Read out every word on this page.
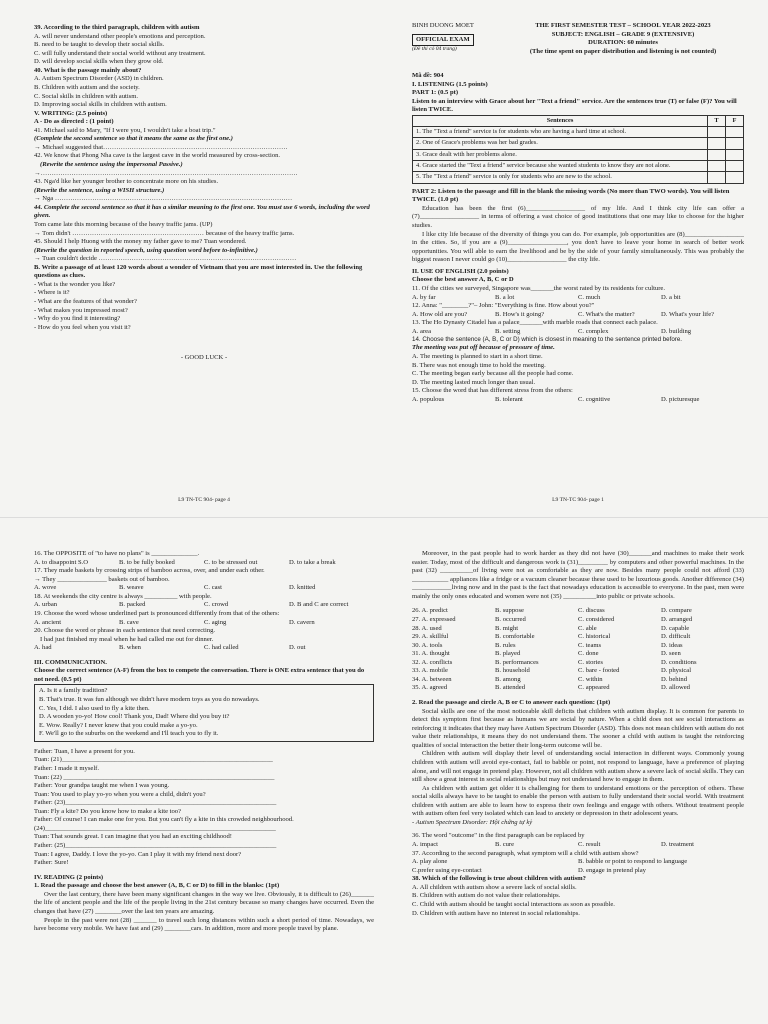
39. According to the third paragraph, children with autism
A. will never understand other people's emotions and perception.
B. need to be taught to develop their social skills.
C. will fully understand their social world without any treatment.
D. will develop social skills when they grow old.
40. What is the passage mainly about?
A. Autism Spectrum Disorder (ASD) in children.
B. Children with autism and the society.
C. Social skills in children with autism.
D. Improving social skills in children with autism.
V. WRITING: (2.5 points)
A - Do as directed : (1 point)
41. Michael said to Mary, "If I were you, I wouldn't take a boat trip."
(Complete the second sentence so that it means the same as the first one.)
→ Michael suggested that…………………………………………………………………………
42. We know that Phong Nha cave is the largest cave in the world measured by cross-section.
(Rewrite the sentence using the impersonal Passive.)
→………………………………………………………………………………………………………
43. Nga'd like her younger brother to concentrate more on his studies.
(Rewrite the sentence, using a WISH structure.)
→ Nga ………………………………………………………………………………………………
44. Complete the second sentence so that it has a similar meaning to the first one. You must use 6 words, including the word given.
Tom came late this morning because of the heavy traffic jams. (UP)
→ Tom didn't …………………………………………………… because of the heavy traffic jams.
45. Should I help Huong with the money my father gave to me? Tuan wondered.
(Rewrite the question in reported speech, using question word before to-infinitive.)
→ Tuan couldn't decide ………………………………………………………………………………
B. Write a passage of at least 120 words about a wonder of Vietnam that you are most interested in. Use the following questions as clues.
- What is the wonder you like?
- Where is it?
- What are the features of that wonder?
- What makes you impressed most?
- Why do you find it interesting?
- How do you feel when you visit it?
- GOOD LUCK -
L9 TN-TC 904- page 4
BINH DUONG MOET
OFFICIAL EXAM
(Đề thi có 04 trang)
THE FIRST SEMESTER TEST – SCHOOL YEAR 2022-2023
SUBJECT: ENGLISH – GRADE 9 (EXTENSIVE)
DURATION: 60 minutes
(The time spent on paper distribution and listening is not counted)
Mã đề: 904
I. LISTENING (1.5 points)
PART 1: (0.5 pt)
Listen to an interview with Grace about her "Text a friend" service. Are the sentences true (T) or false (F)? You will listen TWICE.
Sentences	T	F
1. The "Text a friend" service is for students who are having a hard time at school.		
2. One of Grace's problems was her bad grades.		
3. Grace dealt with her problems alone.		
4. Grace started the "Text a friend" service because she wanted students to know they are not alone.		
5. The "Text a friend" service is only for students who are new to the school.		
PART 2: Listen to the passage and fill in the blank the missing words (No more than TWO words). You will listen TWICE. (1.0 pt)
Education has been the first (6)__________________ of my life. And I think city life can offer a (7)__________________ in terms of offering a vast choice of good institutions that one may like to choose for the higher studies.
I like city life because of the diversity of things you can do. For example, job opportunities are (8)__________________ in the cities. So, if you are a (9)__________________, you don't have to leave your home in search of better work opportunities. You will able to earn the livelihood and be by the side of your family simultaneously. This was probably the biggest reason I never could go (10)__________________ the city life.
II. USE OF ENGLISH (2.0 points)
Choose the best answer A, B, C or D
11. Of the cities we surveyed, Singapore was_______the worst rated by its residents for culture.
A. by far	B. a lot	C. much	D. a bit
12. Anna: "________?"– John: "Everything is fine. How about you?"
A. How old are you?	B. How's it going?	C. What's the matter?	D. What's your life?
13. The Ho Dynasty Citadel has a palace_______with marble roads that connect each palace.
A. area	B. setting	C. complex	D. building
14. Choose the sentence (A, B, C or D) which is closest in meaning to the sentence printed before.
The meeting was put off because of pressure of time.
A. The meeting is planned to start in a short time.
B. There was not enough time to hold the meeting.
C. The meeting began early because all the people had come.
D. The meeting lasted much longer than usual.
15. Choose the word that has different stress from the others:
A. populous	B. tolerant	C. cognitive	D. picturesque
L9 TN-TC 904- page 1
16. The OPPOSITE of "to have no plans" is ______________.
A. to disappoint S.O	B. to be fully booked	C. to be stressed out	D. to take a break
17. They made baskets by crossing strips of bamboo across, over, and under each other.
→ They _______________ baskets out of bamboo.
A. wove	B. weave	C. cast	D. knitted
18. At weekends the city centre is always __________ with people.
A. urban	B. packed	C. crowd	D. B and C are correct
19. Choose the word whose underlined part is pronounced differently from that of the others:
A. ancient	B. cave	C. aging	D. cavern
20. Choose the word or phrase in each sentence that need correcting.
I had just finished my meal when he had called me out for dinner.
A. had	B. when	C. had called	D. out
III. COMMUNICATION.
Choose the correct sentence (A-F) from the box to compete the conversation. There is ONE extra sentence that you do not need. (0.5 pt)
A. Is it a family tradition?
B. That's true. It was fun although we didn't have modern toys as you do nowadays.
C. Yes, I did. I also used to fly a kite then.
D. A wooden yo-yo! How cool! Thank you, Dad! Where did you buy it?
E. Wow. Really? I never knew that you could make a yo-yo.
F. We'll go to the suburbs on the weekend and I'll teach you to fly it.
Father: Tuan, I have a present for you.
Tuan: (21)________________________________________________________________
Father: I made it myself.
Tuan: (22) ________________________________________________________________
Father: Your grandpa taught me when I was young.
Tuan: You used to play yo-yo when you were a child, didn't you?
Father: (23)________________________________________________________________
Tuan: Fly a kite? Do you know how to make a kite too?
Father: Of course! I can make one for you. But you can't fly a kite in this crowded neighbourhood.
(24)______________________________________________________________________
Tuan: That sounds great. I can imagine that you had an exciting childhood!
Father: (25)________________________________________________________________
Tuan: I agree, Daddy. I love the yo-yo. Can I play it with my friend next door?
Father: Sure!
IV. READING (2 points)
1. Read the passage and choose the best answer (A, B, C or D) to fill in the blanks: (1pt)
Over the last century, there have been many significant changes in the way we live. Obviously, it is difficult to (26)_______ the life of ancient people and the life of the people living in the 21st century because so many changes have occurred. Even the changes that have (27) ________over the last ten years are amazing.
People in the past were not (28) _______ to travel such long distances within such a short period of time. Nowadays, we have become very mobile. We have fast and (29) ________cars. In addition, more and more people travel by plane.
Moreover, in the past people had to work harder as they did not have (30)_______and machines to make their work easier. Today, most of the difficult and dangerous work is (31)_________ by computers and other powerful machines. In the past (32) __________of living were not as comfortable as they are now. Besides many people could not afford (33) ___________ appliances like a fridge or a vacuum cleaner because these used to be luxurious goods. Another difference (34) ____________living now and in the past is the fact that nowadays education is accessible to everyone. In the past, men were mainly the only ones educated and women were not (35) __________into public or private schools.
26. A. predict	B. suppose	C. discuss	D. compare
27. A. expressed	B. occurred	C. considered	D. arranged
28. A. used	B. might	C. able	D. capable
29. A. skillful	B. comfortable	C. historical	D. difficult
30. A. tools	B. rules	C. teams	D. ideas
31. A. thought	B. played	C. done	D. seen
32. A. conflicts	B. performances	C. stories	D. conditions
33. A. mobile	B. household	C. bare - footed	D. physical
34. A. between	B. among	C. within	D. behind
35. A. agreed	B. attended	C. appeared	D. allowed
2. Read the passage and circle A, B or C to answer each question: (1pt)
Social skills are one of the most noticeable skill deficits that children with autism display. It is common for parents to detect this symptom first because as humans we are social by nature. When a child does not see social interactions as reinforcing it indicates that they may have Autism Spectrum Disorder (ASD). This does not mean children with autism do not value their relationships, it means they do not understand them. The sooner a child with autism is taught the reinforcing qualities of social interaction the better their long-term outcome will be.
Children with autism will display their level of understanding social interaction in different ways. Commonly young children with autism will avoid eye-contact, fail to babble or point, not respond to language, have a preference of playing alone, and will not engage in pretend play. However, not all children with autism show a severe lack of social skills. They can still show a great interest in social relationships but may not understand how to engage in them.
As children with autism get older it is challenging for them to understand emotions or the perception of others. These social skills always have to be taught to enable the person with autism to fully understand their social world. With treatment children with autism are able to learn how to express their own feelings and engage with others. Without treatment people with autism often feel very isolated which can lead to anxiety or depression in their adolescent years.
- Autism Spectrum Disorder: Hội chứng tự kỷ
36. The word "outcome" in the first paragraph can be replaced by
A. impact	B. cure	C. result	D. treatment
37. According to the second paragraph, what symptom will a child with autism show?
A. play alone	B. babble or point to respond to language
C.prefer using eye-contact	D. engage in pretend play
38. Which of the following is true about children with autism?
A. All children with autism show a severe lack of social skills.
B. Children with autism do not value their relationships.
C. Child with autism should be taught social interactions as soon as possible.
D. Children with autism have no interest in social relationships.
